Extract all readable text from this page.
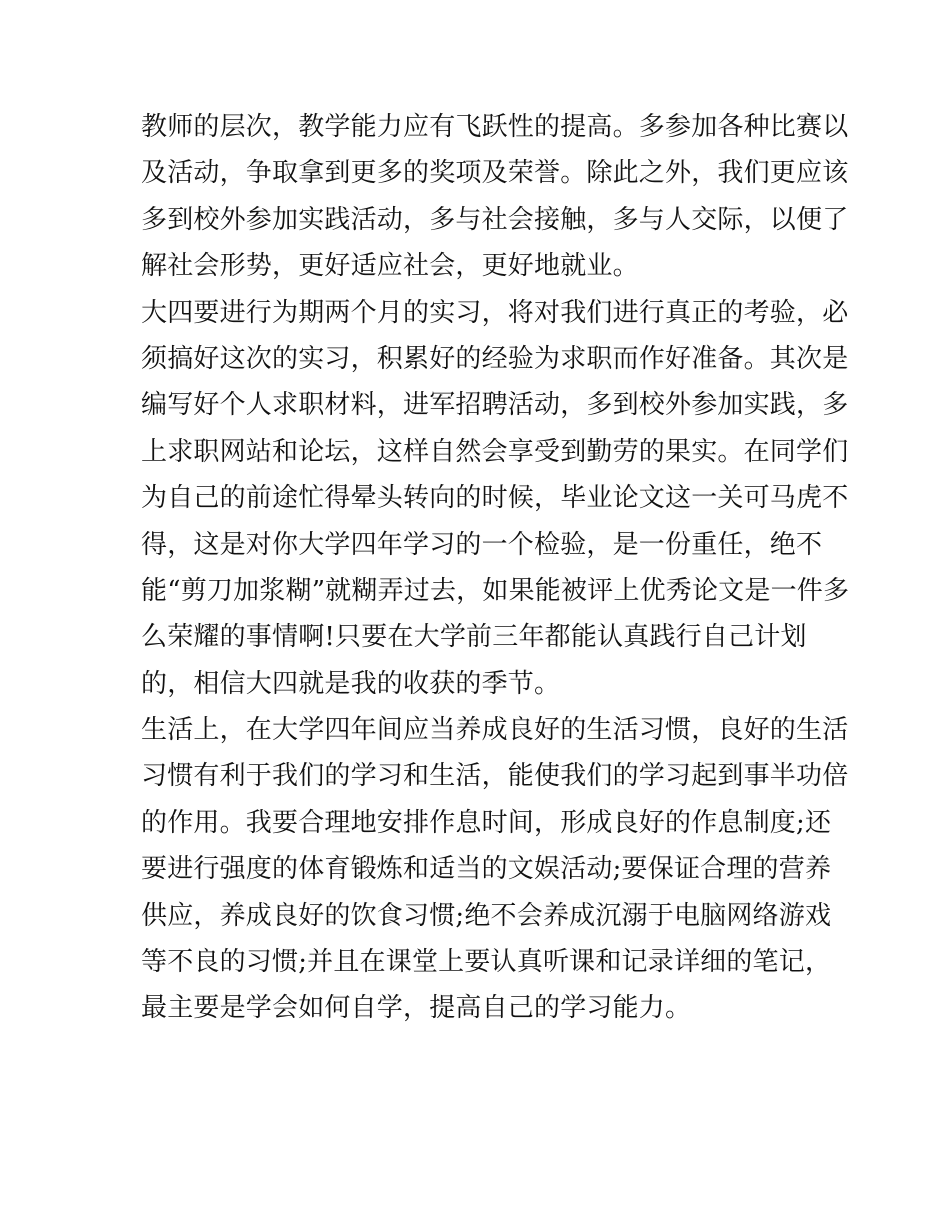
教师的层次，教学能力应有飞跃性的提高。多参加各种比赛以
及活动，争取拿到更多的奖项及荣誉。除此之外，我们更应该
多到校外参加实践活动，多与社会接触，多与人交际，以便了
解社会形势，更好适应社会，更好地就业。
大四要进行为期两个月的实习，将对我们进行真正的考验，必
须搞好这次的实习，积累好的经验为求职而作好准备。其次是
编写好个人求职材料，进军招聘活动，多到校外参加实践，多
上求职网站和论坛，这样自然会享受到勤劳的果实。在同学们
为自己的前途忙得晕头转向的时候，毕业论文这一关可马虎不
得，这是对你大学四年学习的一个检验，是一份重任，绝不
能“剪刀加浆糊”就糊弄过去，如果能被评上优秀论文是一件多
么荣耀的事情啊!只要在大学前三年都能认真践行自己计划
的，相信大四就是我的收获的季节。
生活上，在大学四年间应当养成良好的生活习惯，良好的生活
习惯有利于我们的学习和生活，能使我们的学习起到事半功倍
的作用。我要合理地安排作息时间，形成良好的作息制度;还
要进行强度的体育锻炼和适当的文娱活动;要保证合理的营养
供应，养成良好的饮食习惯;绝不会养成沉溺于电脑网络游戏
等不良的习惯;并且在课堂上要认真听课和记录详细的笔记，
最主要是学会如何自学，提高自己的学习能力。
